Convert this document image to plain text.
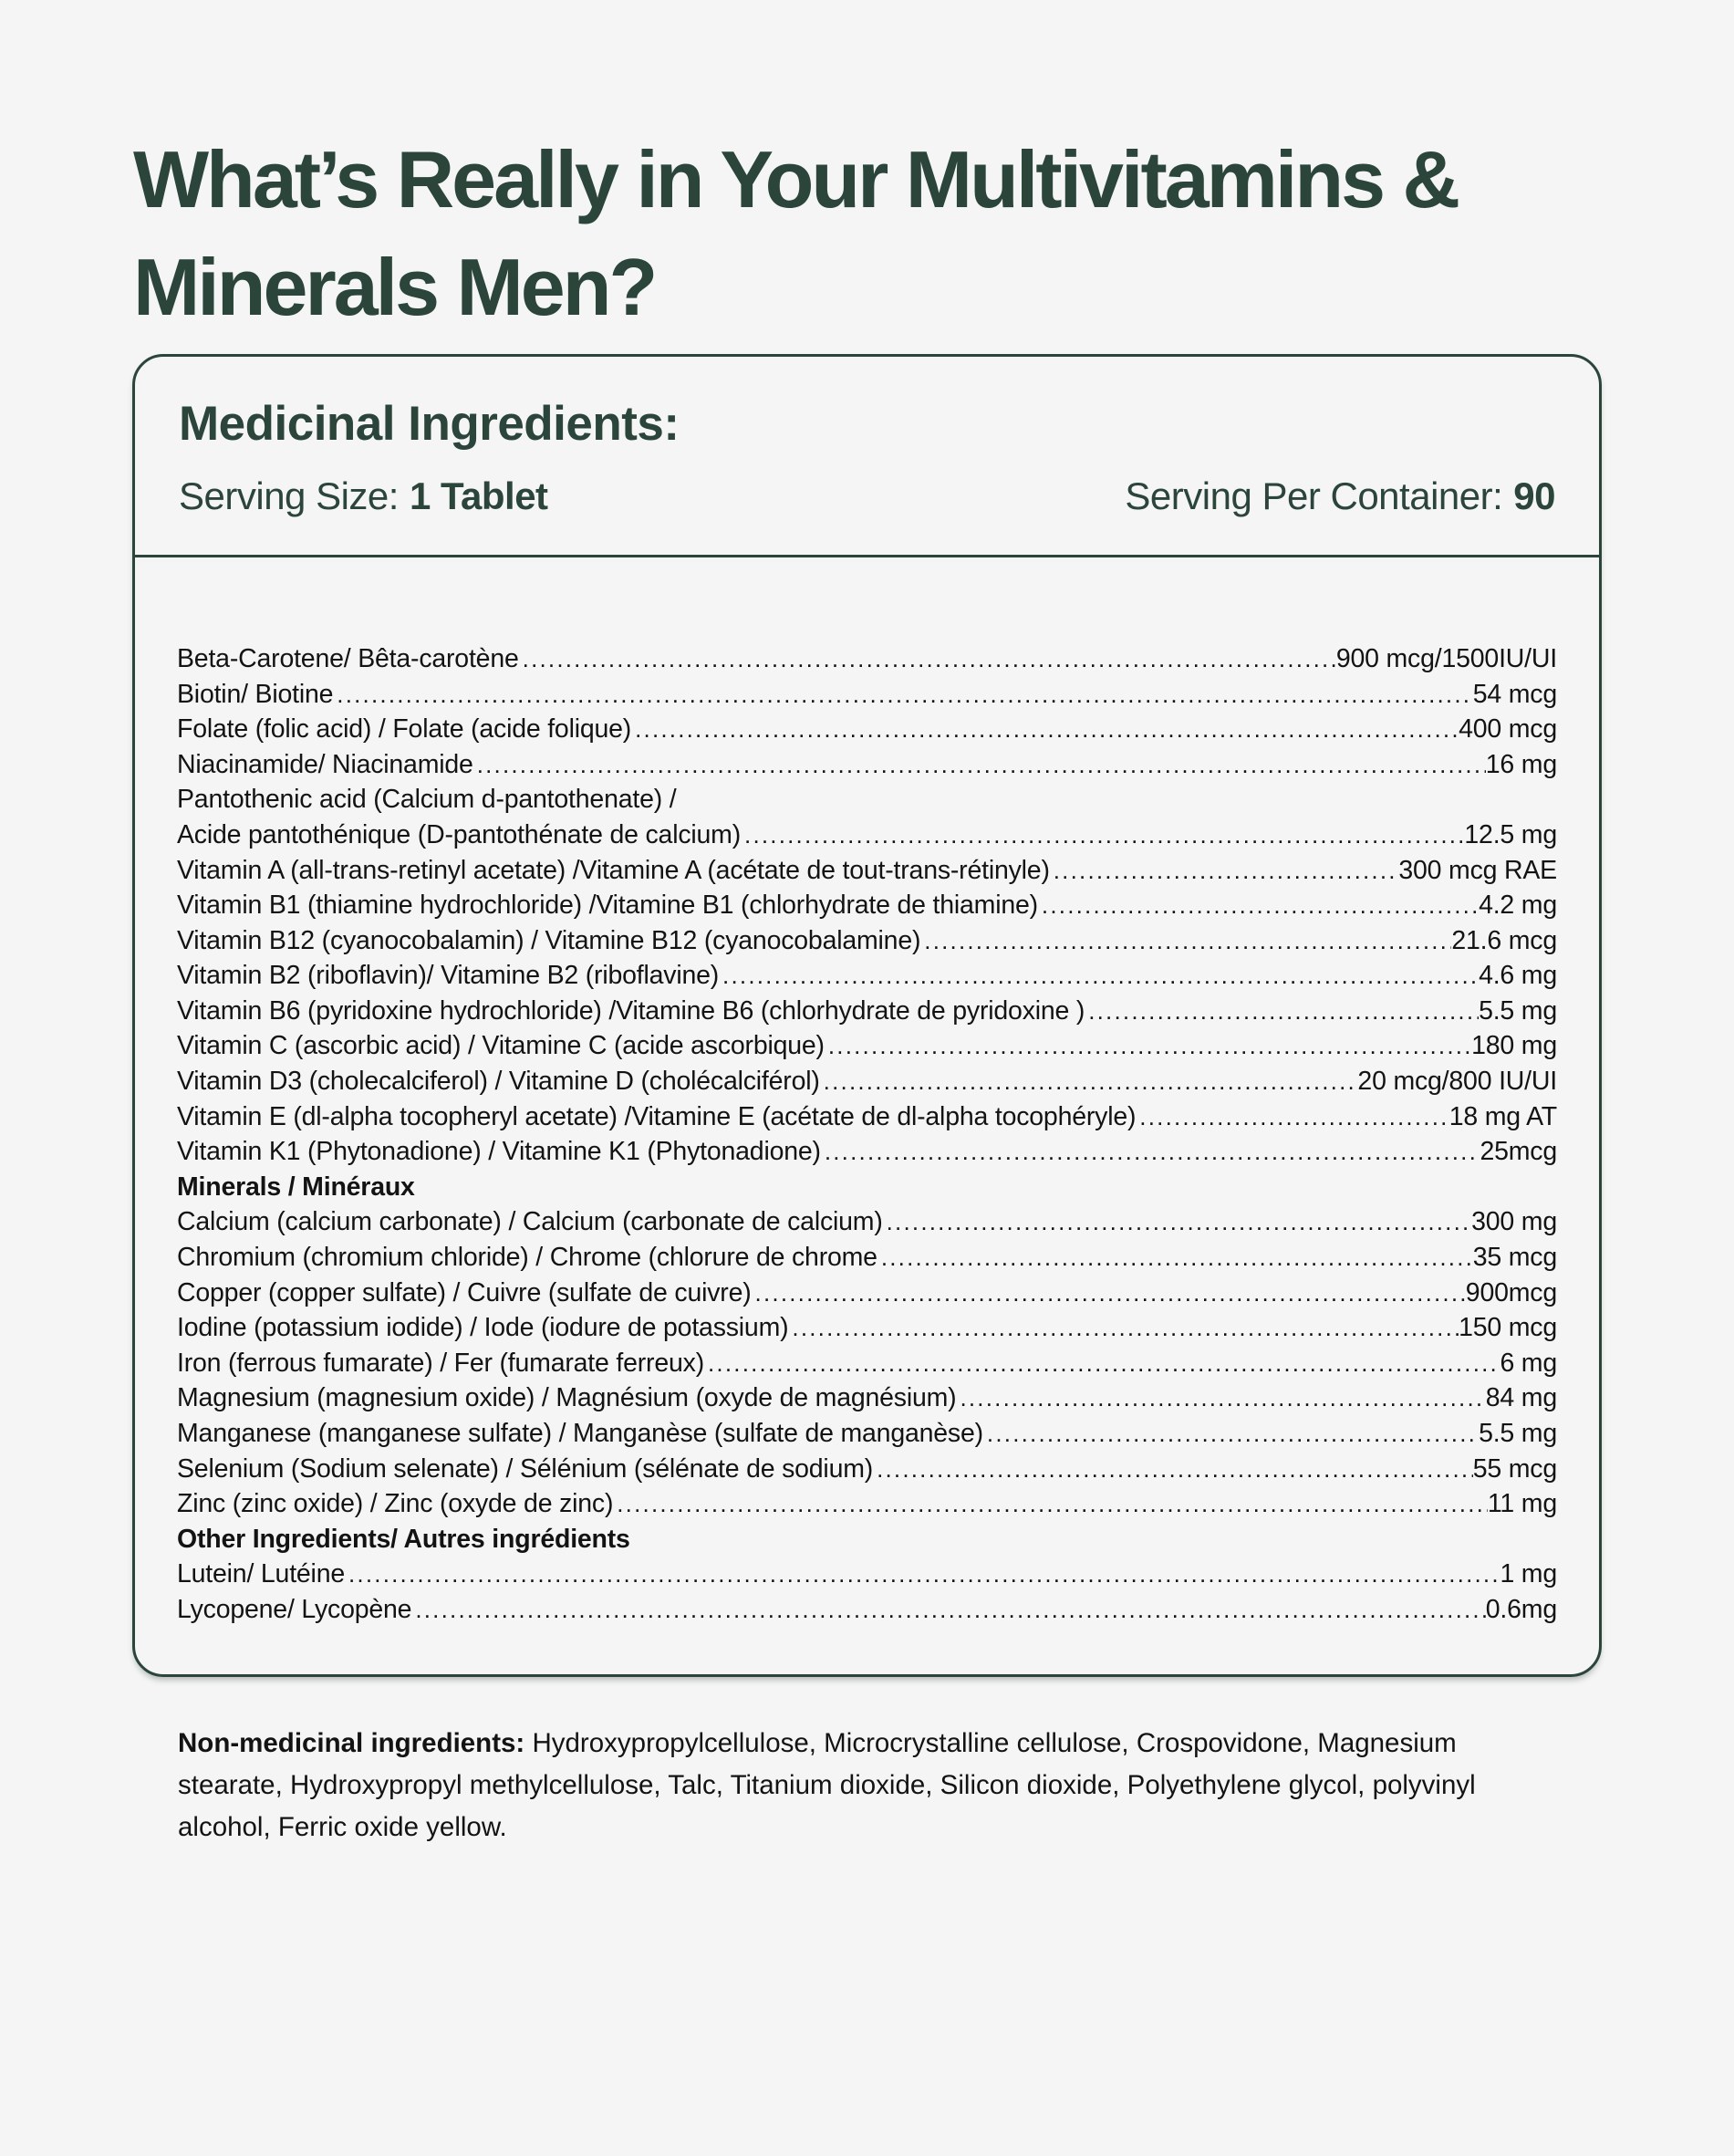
What’s Really in Your Multivitamins &
Minerals Men?
Medicinal Ingredients:
Serving Size: 1 Tablet	Serving Per Container: 90
Beta-Carotene/ Bêta-carotène .....	900 mcg/1500IU/UI
Biotin/ Biotine .....	54 mcg
Folate (folic acid) / Folate (acide folique) .....	400 mcg
Niacinamide/ Niacinamide .....	16 mg
Pantothenic acid (Calcium d-pantothenate) /
Acide pantothénique (D-pantothénate de calcium) .....	12.5 mg
Vitamin A (all-trans-retinyl acetate) /Vitamine A (acétate de tout-trans-rétinyle) .....	300 mcg RAE
Vitamin B1 (thiamine hydrochloride) /Vitamine B1 (chlorhydrate de thiamine) .....	4.2 mg
Vitamin B12 (cyanocobalamin) / Vitamine B12 (cyanocobalamine) .....	21.6 mcg
Vitamin B2 (riboflavin)/ Vitamine B2 (riboflavine) .....	4.6 mg
Vitamin B6 (pyridoxine hydrochloride) /Vitamine B6 (chlorhydrate de pyridoxine ) .....	5.5 mg
Vitamin C (ascorbic acid) / Vitamine C (acide ascorbique) .....	180 mg
Vitamin D3 (cholecalciferol) / Vitamine D (cholécalciférol) .....	20 mcg/800 IU/UI
Vitamin E (dl-alpha tocopheryl acetate) /Vitamine E (acétate de dl-alpha tocophéryle) .....	18 mg AT
Vitamin K1 (Phytonadione) / Vitamine K1 (Phytonadione) .....	25mcg
Minerals / Minéraux
Calcium (calcium carbonate) / Calcium (carbonate de calcium) .....	300 mg
Chromium (chromium chloride) / Chrome (chlorure de chrome .....	35 mcg
Copper (copper sulfate) / Cuivre (sulfate de cuivre) .....	900mcg
Iodine (potassium iodide) / Iode (iodure de potassium) .....	150 mcg
Iron (ferrous fumarate) / Fer (fumarate ferreux) .....	6 mg
Magnesium (magnesium oxide) / Magnésium (oxyde de magnésium) .....	84 mg
Manganese (manganese sulfate) / Manganèse (sulfate de manganèse) .....	5.5 mg
Selenium (Sodium selenate) / Sélénium (sélénate de sodium) .....	55 mcg
Zinc (zinc oxide) / Zinc (oxyde de zinc) .....	11 mg
Other Ingredients/ Autres ingrédients
Lutein/ Lutéine .....	1 mg
Lycopene/ Lycopène .....	0.6mg

Non-medicinal ingredients: Hydroxypropylcellulose, Microcrystalline cellulose, Crospovidone, Magnesium stearate, Hydroxypropyl methylcellulose, Talc, Titanium dioxide, Silicon dioxide, Polyethylene glycol, polyvinyl alcohol, Ferric oxide yellow.
